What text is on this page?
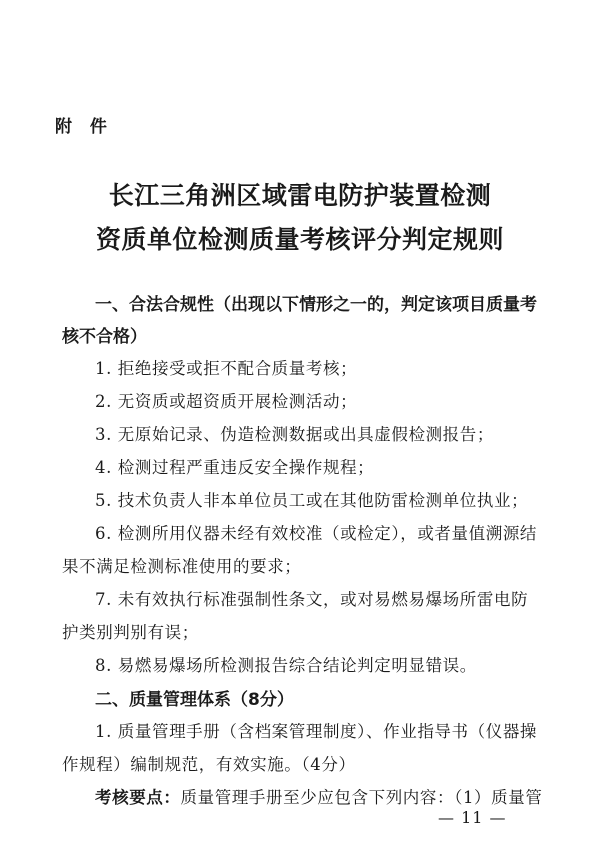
附 件
长江三角洲区域雷电防护装置检测
资质单位检测质量考核评分判定规则
一、合法合规性（出现以下情形之一的，判定该项目质量考
核不合格）
1. 拒绝接受或拒不配合质量考核；
2. 无资质或超资质开展检测活动；
3. 无原始记录、伪造检测数据或出具虚假检测报告；
4. 检测过程严重违反安全操作规程；
5. 技术负责人非本单位员工或在其他防雷检测单位执业；
6. 检测所用仪器未经有效校准（或检定），或者量值溯源结
果不满足检测标准使用的要求；
7. 未有效执行标准强制性条文，或对易燃易爆场所雷电防
护类别判别有误；
8. 易燃易爆场所检测报告综合结论判定明显错误。
二、质量管理体系（8分）
1. 质量管理手册（含档案管理制度）、作业指导书（仪器操
作规程）编制规范，有效实施。（4分）
考核要点：质量管理手册至少应包含下列内容：（1）质量管
— 11 —
